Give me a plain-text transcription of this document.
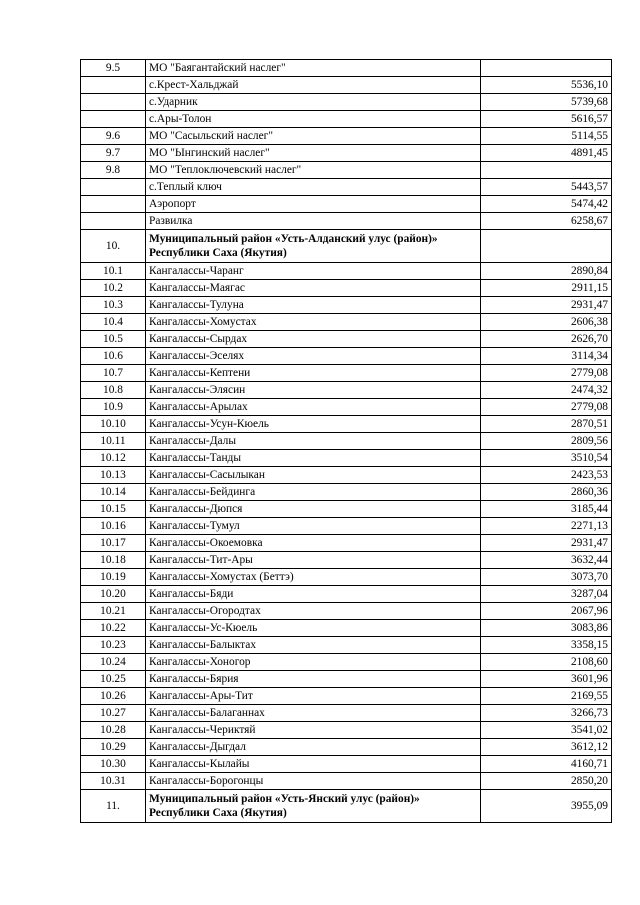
9.5	МО "Баягантайский наслег"	
	с.Крест-Хальджай	5536,10
	с.Ударник	5739,68
	с.Ары-Толон	5616,57
9.6	МО "Сасыльский наслег"	5114,55
9.7	МО "Ынгинский наслег"	4891,45
9.8	МО "Теплоключевский наслег"	
	с.Теплый ключ	5443,57
	Аэропорт	5474,42
	Развилка	6258,67
10.	Муниципальный район «Усть-Алданский улус (район)» Республики Саха (Якутия)	
10.1	Кангалассы-Чаранг	2890,84
10.2	Кангалассы-Маягас	2911,15
10.3	Кангалассы-Тулуна	2931,47
10.4	Кангалассы-Хомустах	2606,38
10.5	Кангалассы-Сырдах	2626,70
10.6	Кангалассы-Эселях	3114,34
10.7	Кангалассы-Кептени	2779,08
10.8	Кангалассы-Элясин	2474,32
10.9	Кангалассы-Арылах	2779,08
10.10	Кангалассы-Усун-Кюель	2870,51
10.11	Кангалассы-Далы	2809,56
10.12	Кангалассы-Танды	3510,54
10.13	Кангалассы-Сасылыкан	2423,53
10.14	Кангалассы-Бейдинга	2860,36
10.15	Кангалассы-Дюпся	3185,44
10.16	Кангалассы-Тумул	2271,13
10.17	Кангалассы-Окоемовка	2931,47
10.18	Кангалассы-Тит-Ары	3632,44
10.19	Кангалассы-Хомустах (Беттэ)	3073,70
10.20	Кангалассы-Бяди	3287,04
10.21	Кангалассы-Огородтах	2067,96
10.22	Кангалассы-Ус-Кюель	3083,86
10.23	Кангалассы-Балыктах	3358,15
10.24	Кангалассы-Хоногор	2108,60
10.25	Кангалассы-Бярия	3601,96
10.26	Кангалассы-Ары-Тит	2169,55
10.27	Кангалассы-Балаганнах	3266,73
10.28	Кангалассы-Чериктяй	3541,02
10.29	Кангалассы-Дыгдал	3612,12
10.30	Кангалассы-Кылайы	4160,71
10.31	Кангалассы-Борогонцы	2850,20
11.	Муниципальный район «Усть-Янский улус (район)» Республики Саха (Якутия)	3955,09
